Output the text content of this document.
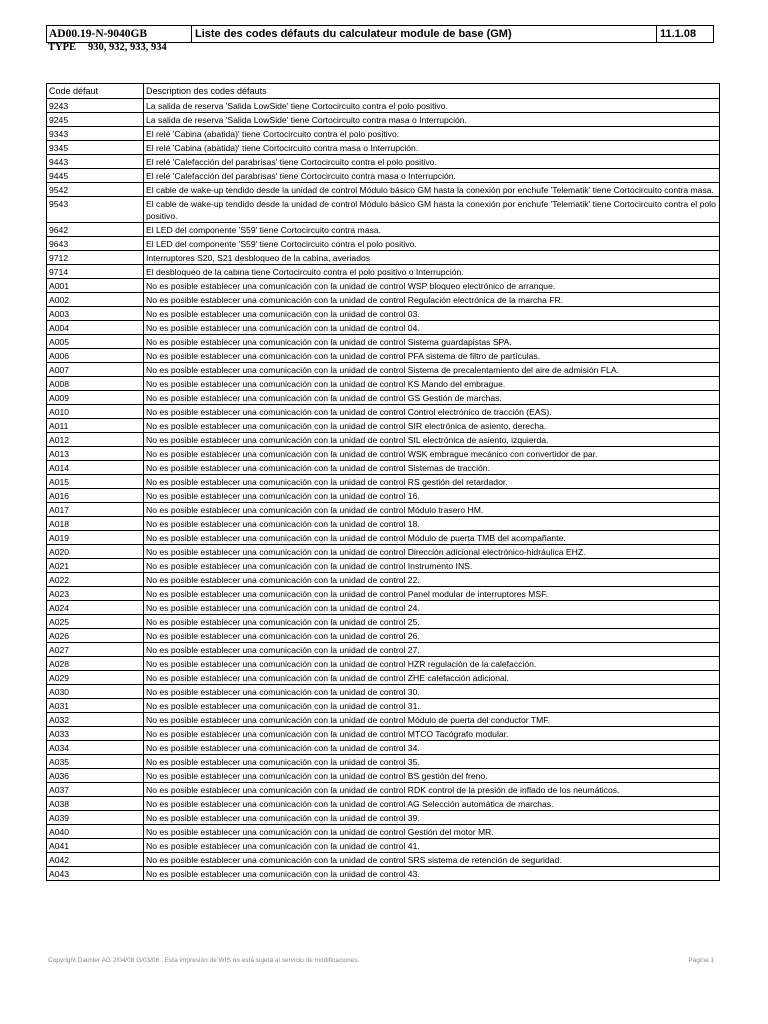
AD00.19-N-9040GB	Liste des codes défauts du calculateur module de base (GM)	11.1.08
TYPE 930, 932, 933, 934
Code défaut	Description des codes défauts
9243	La salida de reserva 'Salida LowSide' tiene Cortocircuito contra el polo positivo.
9245	La salida de reserva 'Salida LowSide' tiene Cortocircuito contra masa o Interrupción.
9343	El relé 'Cabina (abatida)' tiene Cortocircuito contra el polo positivo.
9345	El relé 'Cabina (abatida)' tiene Cortocircuito contra masa o Interrupción.
9443	El relé 'Calefacción del parabrisas' tiene Cortocircuito contra el polo positivo.
9445	El relé 'Calefacción del parabrisas' tiene Cortocircuito contra masa o Interrupción.
9542	El cable de wake-up tendido desde la unidad de control Módulo básico GM hasta la conexión por enchufe 'Telematik' tiene Cortocircuito contra masa.
9543	El cable de wake-up tendido desde la unidad de control Módulo básico GM hasta la conexión por enchufe 'Telematik' tiene Cortocircuito contra el polo positivo.
9642	El LED del componente 'S59' tiene Cortocircuito contra masa.
9643	El LED del componente 'S59' tiene Cortocircuito contra el polo positivo.
9712	Interruptores S20, S21 desbloqueo de la cabina, averiados
9714	El desbloqueo de la cabina tiene Cortocircuito contra el polo positivo o Interrupción.
A001	No es posible establecer una comunicación con la unidad de control WSP bloqueo electrónico de arranque.
A002	No es posible establecer una comunicación con la unidad de control Regulación electrónica de la marcha FR.
A003	No es posible establecer una comunicación con la unidad de control 03.
A004	No es posible establecer una comunicación con la unidad de control 04.
A005	No es posible establecer una comunicación con la unidad de control Sistema guardapistas SPA.
A006	No es posible establecer una comunicación con la unidad de control PFA sistema de filtro de partículas.
A007	No es posible establecer una comunicación con la unidad de control Sistema de precalentamiento del aire de admisión FLA.
A008	No es posible establecer una comunicación con la unidad de control KS Mando del embrague.
A009	No es posible establecer una comunicación con la unidad de control GS Gestión de marchas.
A010	No es posible establecer una comunicación con la unidad de control Control electrónico de tracción (EAS).
A011	No es posible establecer una comunicación con la unidad de control SIR electrónica de asiento, derecha.
A012	No es posible establecer una comunicación con la unidad de control SIL electrónica de asiento, izquierda.
A013	No es posible establecer una comunicación con la unidad de control WSK embrague mecánico con convertidor de par.
A014	No es posible establecer una comunicación con la unidad de control Sistemas de tracción.
A015	No es posible establecer una comunicación con la unidad de control RS gestión del retardador.
A016	No es posible establecer una comunicación con la unidad de control 16.
A017	No es posible establecer una comunicación con la unidad de control Módulo trasero HM.
A018	No es posible establecer una comunicación con la unidad de control 18.
A019	No es posible establecer una comunicación con la unidad de control Módulo de puerta TMB del acompañante.
A020	No es posible establecer una comunicación con la unidad de control Dirección adicional electrónico-hidráulica EHZ.
A021	No es posible establecer una comunicación con la unidad de control Instrumento INS.
A022	No es posible establecer una comunicación con la unidad de control 22.
A023	No es posible establecer una comunicación con la unidad de control Panel modular de interruptores MSF.
A024	No es posible establecer una comunicación con la unidad de control 24.
A025	No es posible establecer una comunicación con la unidad de control 25.
A026	No es posible establecer una comunicación con la unidad de control 26.
A027	No es posible establecer una comunicación con la unidad de control 27.
A028	No es posible establecer una comunicación con la unidad de control HZR regulación de la calefacción.
A029	No es posible establecer una comunicación con la unidad de control ZHE calefacción adicional.
A030	No es posible establecer una comunicación con la unidad de control 30.
A031	No es posible establecer una comunicación con la unidad de control 31.
A032	No es posible establecer una comunicación con la unidad de control Módulo de puerta del conductor TMF.
A033	No es posible establecer una comunicación con la unidad de control MTCO Tacógrafo modular.
A034	No es posible establecer una comunicación con la unidad de control 34.
A035	No es posible establecer una comunicación con la unidad de control 35.
A036	No es posible establecer una comunicación con la unidad de control BS gestión del freno.
A037	No es posible establecer una comunicación con la unidad de control RDK control de la presión de inflado de los neumáticos.
A038	No es posible establecer una comunicación con la unidad de control AG Selección automática de marchas.
A039	No es posible establecer una comunicación con la unidad de control 39.
A040	No es posible establecer una comunicación con la unidad de control Gestión del motor MR.
A041	No es posible establecer una comunicación con la unidad de control 41.
A042	No es posible establecer una comunicación con la unidad de control SRS sistema de retención de seguridad.
A043	No es posible establecer una comunicación con la unidad de control 43.
Copyright Daimler AG 2/04/08 G/03/08 . Esta impresión de WIS no está sujeta al servicio de modificaciones.	Página 1
